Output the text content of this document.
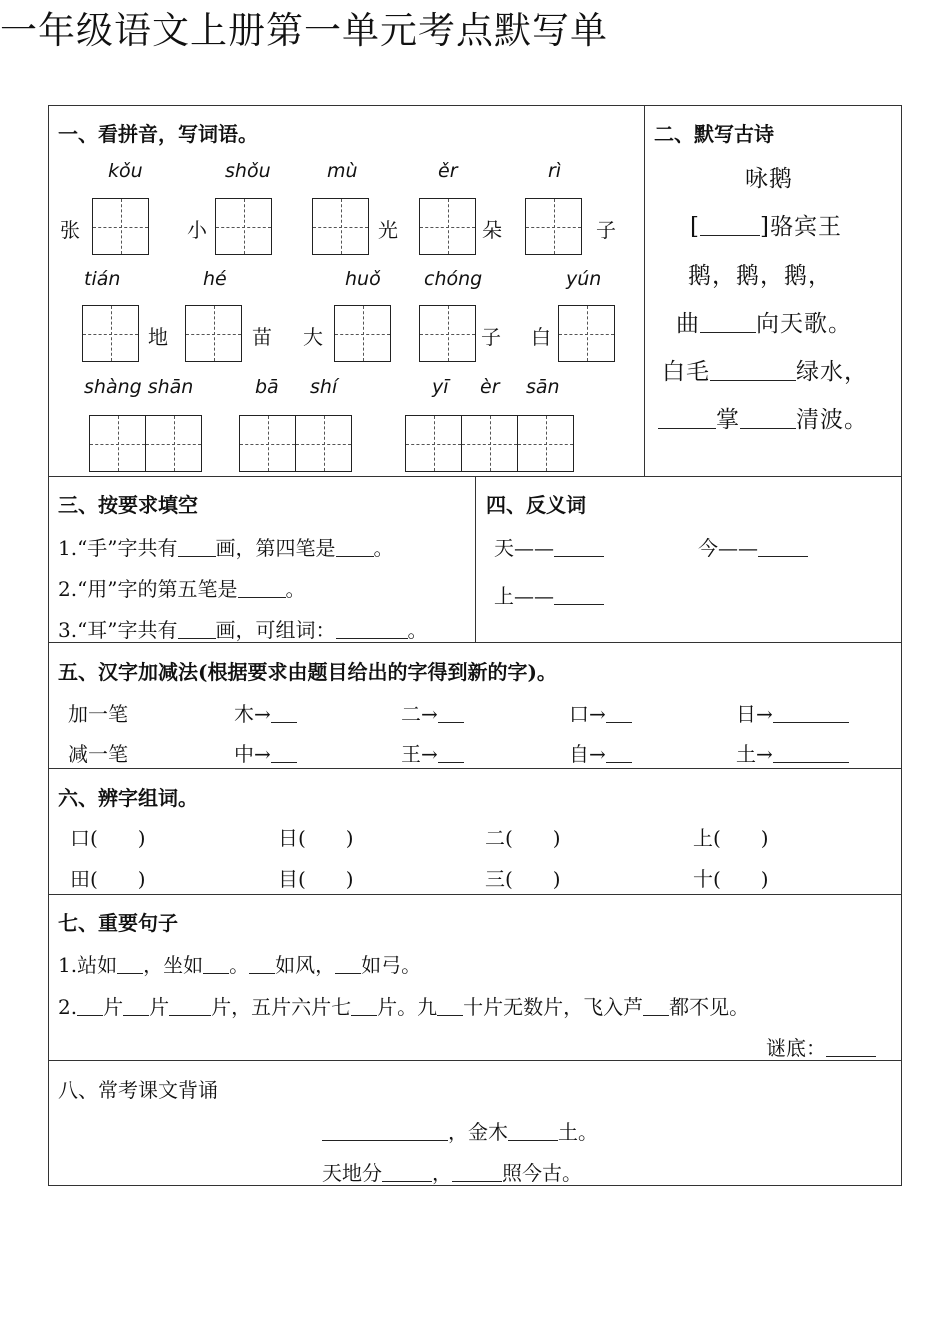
一年级语文上册第一单元考点默写单
一、看拼音，写词语。
kǒu	shǒu	mù	ěr	rì
张	小	光	朵	子
tián	hé	huǒ chóng	yún
地	苗 大	子 白
shàng shān	bā shí	yī èr sān
二、默写古诗
咏鹅
[	]骆宾王
鹅，鹅，鹅，
曲 向天歌。
白毛	绿水，
掌 清波。
三、按要求填空
1.“手”字共有 画，第四笔是 。
2.“用”字的第五笔是 。
3.“耳”字共有 画，可组词：	。
四、反义词
天——	今——
上——
五、汉字加减法(根据要求由题目给出的字得到新的字)。
加一笔	木→	二→	口→	日→
减一笔	中→	王→	自→	土→
六、辨字组词。
口(　　)	日(　　)	二(　　)	上(　　)
田(　　)	目(　　)	三(　　)	十(　　)
七、重要句子
1.站如 ，坐如 。 如风， 如弓。
2. 片 片 片，五片六片七 片。九 十片无数片，飞入芦 都不见。
谜底：
八、常考课文背诵
，金木	土。
天地分	，	照今古。
